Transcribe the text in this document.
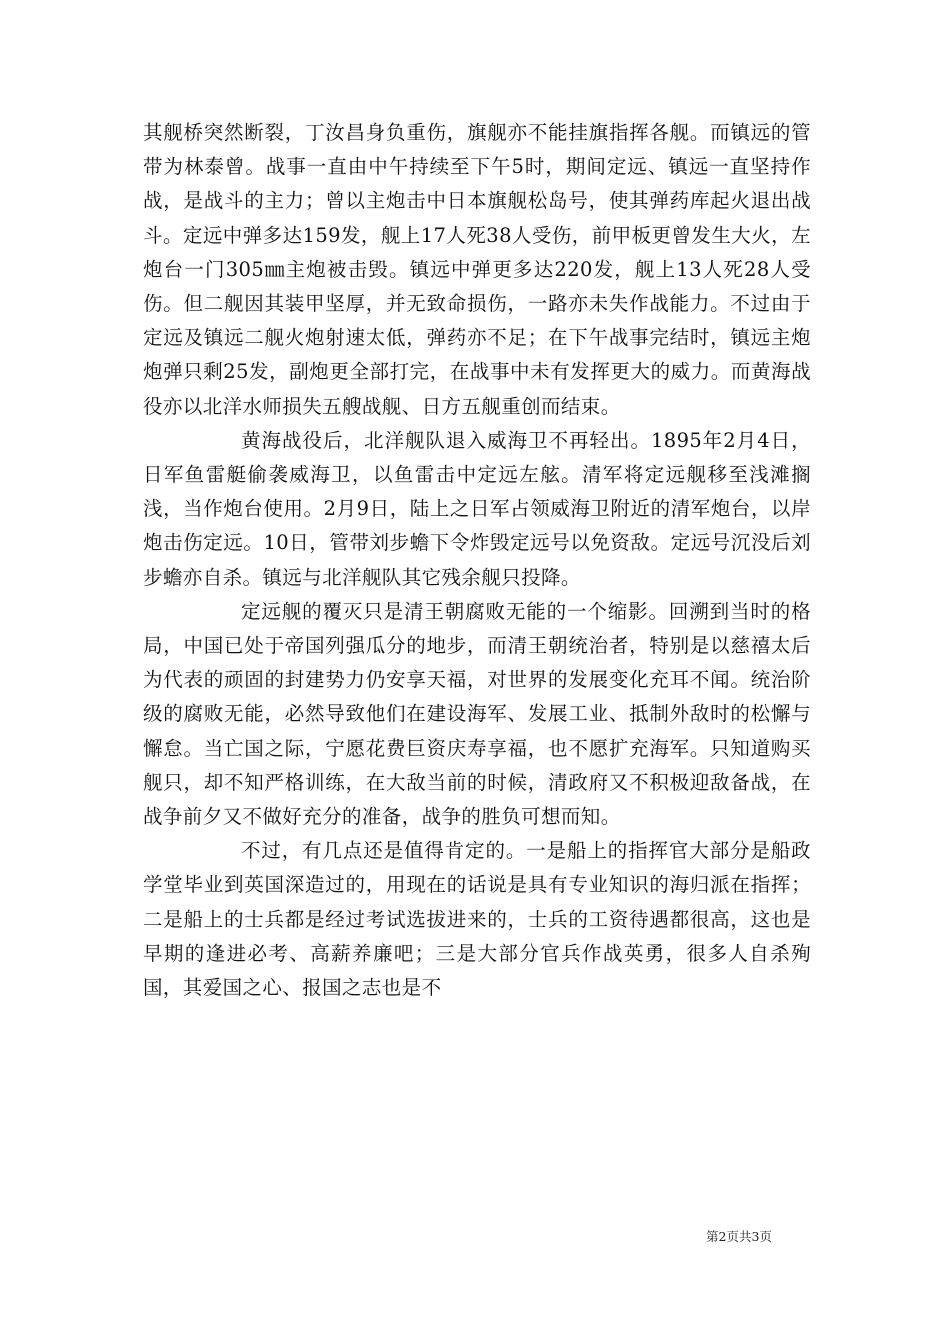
其舰桥突然断裂，丁汝昌身负重伤，旗舰亦不能挂旗指挥各舰。而镇远的管带为林泰曾。战事一直由中午持续至下午5时，期间定远、镇远一直坚持作战，是战斗的主力；曾以主炮击中日本旗舰松岛号，使其弹药库起火退出战斗。定远中弹多达159发，舰上17人死38人受伤，前甲板更曾发生大火，左炮台一门305㎜主炮被击毁。镇远中弹更多达220发，舰上13人死28人受伤。但二舰因其装甲坚厚，并无致命损伤，一路亦未失作战能力。不过由于定远及镇远二舰火炮射速太低，弹药亦不足；在下午战事完结时，镇远主炮炮弹只剩25发，副炮更全部打完，在战事中未有发挥更大的威力。而黄海战役亦以北洋水师损失五艘战舰、日方五舰重创而结束。

黄海战役后，北洋舰队退入威海卫不再轻出。1895年2月4日，日军鱼雷艇偷袭威海卫，以鱼雷击中定远左舷。清军将定远舰移至浅滩搁浅，当作炮台使用。2月9日，陆上之日军占领威海卫附近的清军炮台，以岸炮击伤定远。10日，管带刘步蟾下令炸毁定远号以免资敌。定远号沉没后刘步蟾亦自杀。镇远与北洋舰队其它残余舰只投降。

定远舰的覆灭只是清王朝腐败无能的一个缩影。回溯到当时的格局，中国已处于帝国列强瓜分的地步，而清王朝统治者，特别是以慈禧太后为代表的顽固的封建势力仍安享天福，对世界的发展变化充耳不闻。统治阶级的腐败无能，必然导致他们在建设海军、发展工业、抵制外敌时的松懈与懈怠。当亡国之际，宁愿花费巨资庆寿享福，也不愿扩充海军。只知道购买舰只，却不知严格训练，在大敌当前的时候，清政府又不积极迎敌备战，在战争前夕又不做好充分的准备，战争的胜负可想而知。

不过，有几点还是值得肯定的。一是船上的指挥官大部分是船政学堂毕业到英国深造过的，用现在的话说是具有专业知识的海归派在指挥；二是船上的士兵都是经过考试选拔进来的，士兵的工资待遇都很高，这也是早期的逢进必考、高薪养廉吧；三是大部分官兵作战英勇，很多人自杀殉国，其爱国之心、报国之志也是不

第2页共3页
